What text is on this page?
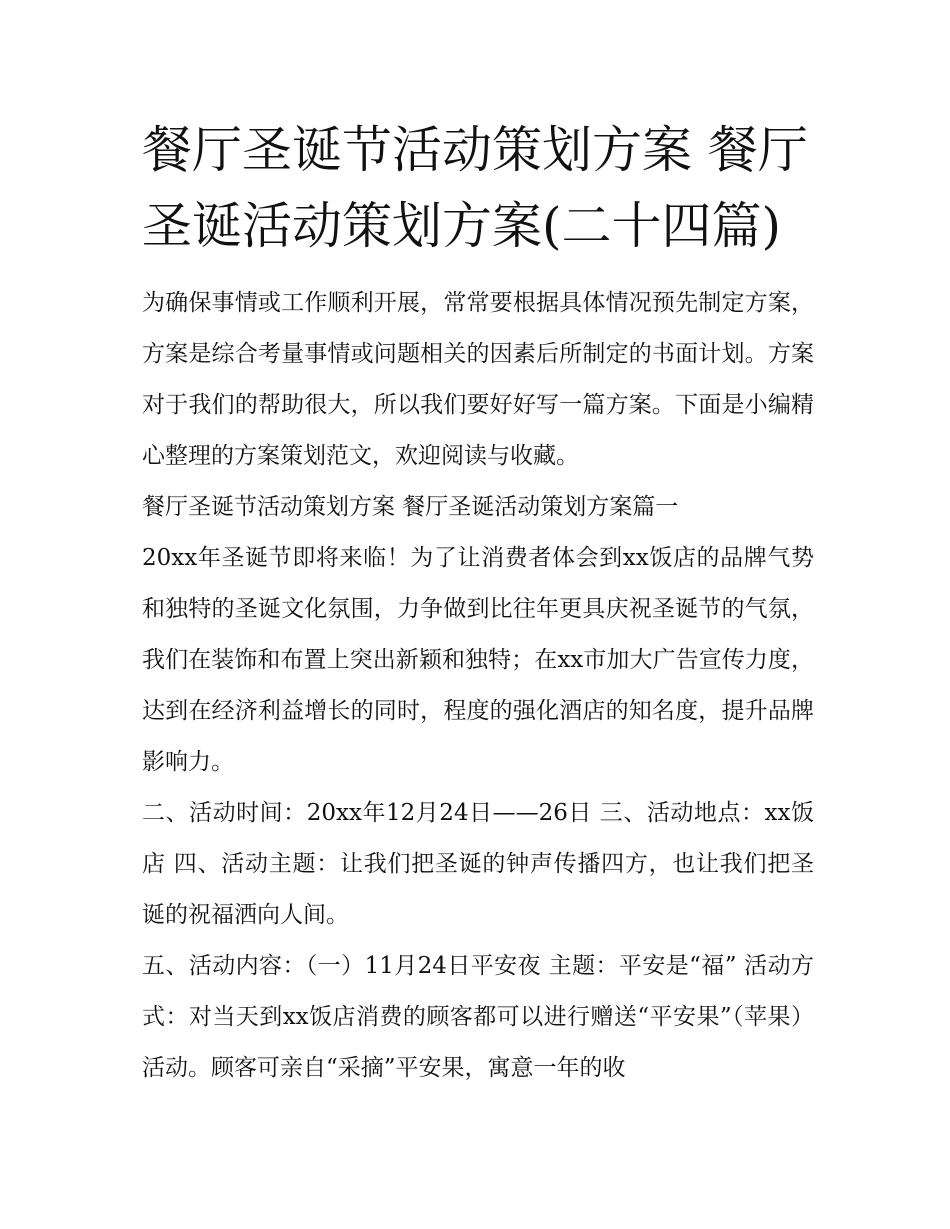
餐厅圣诞节活动策划方案 餐厅圣诞活动策划方案(二十四篇)

为确保事情或工作顺利开展，常常要根据具体情况预先制定方案，方案是综合考量事情或问题相关的因素后所制定的书面计划。方案对于我们的帮助很大，所以我们要好好写一篇方案。下面是小编精心整理的方案策划范文，欢迎阅读与收藏。

餐厅圣诞节活动策划方案 餐厅圣诞活动策划方案篇一

20xx年圣诞节即将来临！为了让消费者体会到xx饭店的品牌气势和独特的圣诞文化氛围，力争做到比往年更具庆祝圣诞节的气氛，我们在装饰和布置上突出新颖和独特；在xx市加大广告宣传力度，达到在经济利益增长的同时，程度的强化酒店的知名度，提升品牌影响力。

二、活动时间：20xx年12月24日——26日 三、活动地点：xx饭店 四、活动主题：让我们把圣诞的钟声传播四方，也让我们把圣诞的祝福洒向人间。

五、活动内容：（一）11月24日平安夜 主题：平安是“福” 活动方式：对当天到xx饭店消费的顾客都可以进行赠送“平安果”（苹果）活动。顾客可亲自“采摘”平安果，寓意一年的收
